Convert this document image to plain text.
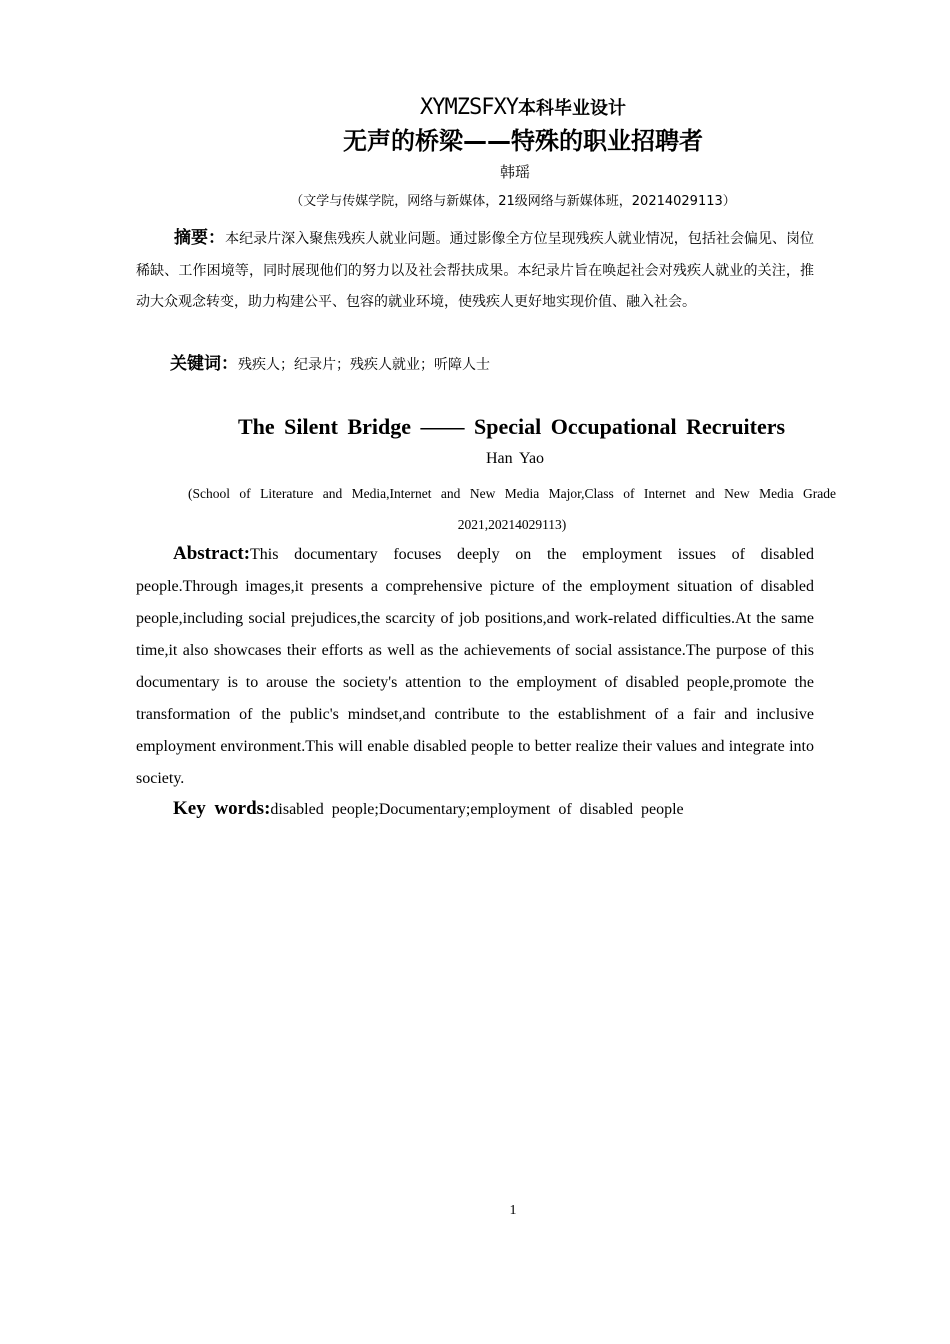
XYMZSFXY本科毕业设计
无声的桥梁——特殊的职业招聘者
韩瑶
（文学与传媒学院，网络与新媒体，21级网络与新媒体班，20214029113）
摘要：本纪录片深入聚焦残疾人就业问题。通过影像全方位呈现残疾人就业情况，包括社会偏见、岗位稀缺、工作困境等，同时展现他们的努力以及社会帮扶成果。本纪录片旨在唤起社会对残疾人就业的关注，推动大众观念转变，助力构建公平、包容的就业环境，使残疾人更好地实现价值、融入社会。
关键词：残疾人；纪录片；残疾人就业；听障人士
The Silent Bridge —— Special Occupational Recruiters
Han Yao
(School of Literature and Media,Internet and New Media Major,Class of Internet and New Media Grade 2021,20214029113)
Abstract:This documentary focuses deeply on the employment issues of disabled people.Through images,it presents a comprehensive picture of the employment situation of disabled people,including social prejudices,the scarcity of job positions,and work-related difficulties.At the same time,it also showcases their efforts as well as the achievements of social assistance.The purpose of this documentary is to arouse the society's attention to the employment of disabled people,promote the transformation of the public's mindset,and contribute to the establishment of a fair and inclusive employment environment.This will enable disabled people to better realize their values and integrate into society.
Key words:disabled people;Documentary;employment of disabled people
1
